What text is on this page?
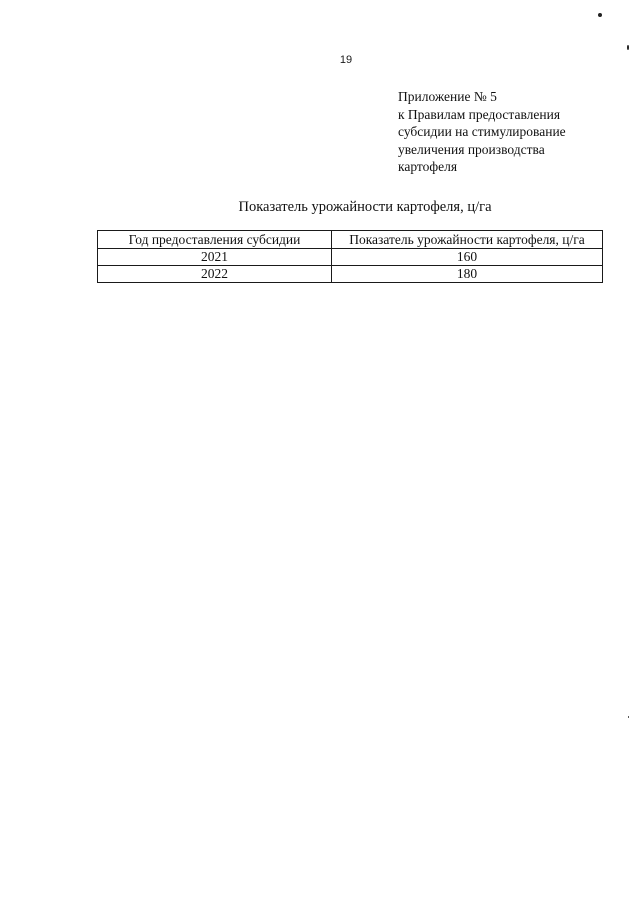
19
Приложение № 5
к Правилам предоставления
субсидии на стимулирование
увеличения производства
картофеля
Показатель урожайности картофеля, ц/га
Год предоставления субсидии	Показатель урожайности картофеля, ц/га
2021	160
2022	180
